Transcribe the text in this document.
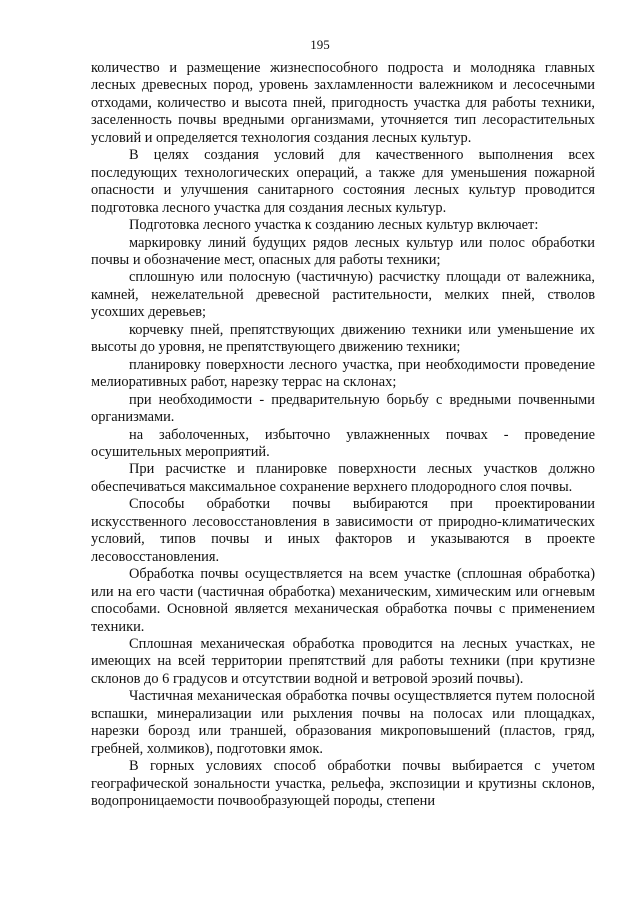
195

количество и размещение жизнеспособного подроста и молодняка главных лесных древесных пород, уровень захламленности валежником и лесосечными отходами, количество и высота пней, пригодность участка для работы техники, заселенность почвы вредными организмами, уточняется тип лесорастительных условий и определяется технология создания лесных культур.

В целях создания условий для качественного выполнения всех последующих технологических операций, а также для уменьшения пожарной опасности и улучшения санитарного состояния лесных культур проводится подготовка лесного участка для создания лесных культур.

Подготовка лесного участка к созданию лесных культур включает:

маркировку линий будущих рядов лесных культур или полос обработки почвы и обозначение мест, опасных для работы техники;

сплошную или полосную (частичную) расчистку площади от валежника, камней, нежелательной древесной растительности, мелких пней, стволов усохших деревьев;

корчевку пней, препятствующих движению техники или уменьшение их высоты до уровня, не препятствующего движению техники;

планировку поверхности лесного участка, при необходимости проведение мелиоративных работ, нарезку террас на склонах;

при необходимости - предварительную борьбу с вредными почвенными организмами.

на заболоченных, избыточно увлажненных почвах - проведение осушительных мероприятий.

При расчистке и планировке поверхности лесных участков должно обеспечиваться максимальное сохранение верхнего плодородного слоя почвы.

Способы обработки почвы выбираются при проектировании искусственного лесовосстановления в зависимости от природно-климатических условий, типов почвы и иных факторов и указываются в проекте лесовосстановления.

Обработка почвы осуществляется на всем участке (сплошная обработка) или на его части (частичная обработка) механическим, химическим или огневым способами. Основной является механическая обработка почвы с применением техники.

Сплошная механическая обработка проводится на лесных участках, не имеющих на всей территории препятствий для работы техники (при крутизне склонов до 6 градусов и отсутствии водной и ветровой эрозий почвы).

Частичная механическая обработка почвы осуществляется путем полосной вспашки, минерализации или рыхления почвы на полосах или площадках, нарезки борозд или траншей, образования микроповышений (пластов, гряд, гребней, холмиков), подготовки ямок.

В горных условиях способ обработки почвы выбирается с учетом географической зональности участка, рельефа, экспозиции и крутизны склонов, водопроницаемости почвообразующей породы, степени
